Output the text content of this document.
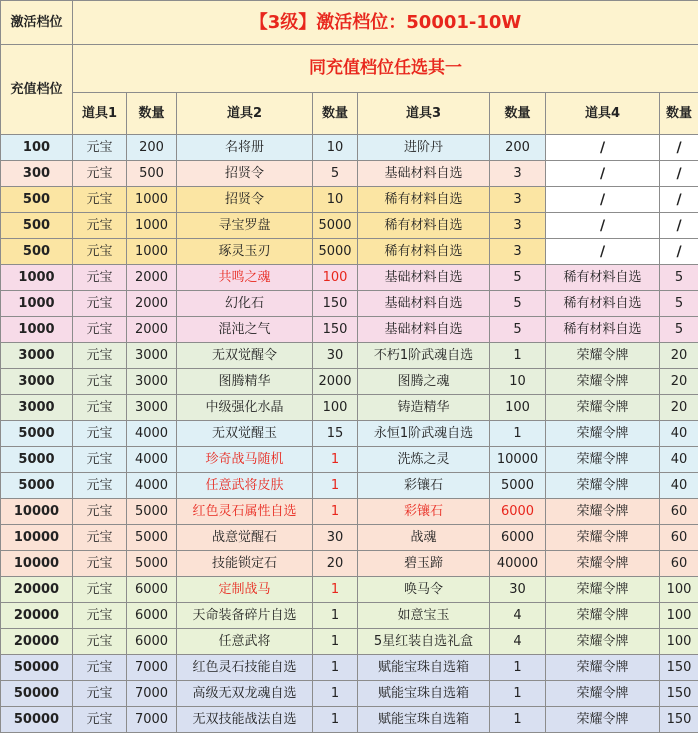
激活档位	【3级】激活档位：50001-10W							
充值档位	同充值档位任选其一							
	道具1	数量	道具2	数量	道具3	数量	道具4	数量
100	元宝	200	名将册	10	进阶丹	200	/	/
300	元宝	500	招贤令	5	基础材料自选	3	/	/
500	元宝	1000	招贤令	10	稀有材料自选	3	/	/
500	元宝	1000	寻宝罗盘	5000	稀有材料自选	3	/	/
500	元宝	1000	琢灵玉刃	5000	稀有材料自选	3	/	/
1000	元宝	2000	共鸣之魂	100	基础材料自选	5	稀有材料自选	5
1000	元宝	2000	幻化石	150	基础材料自选	5	稀有材料自选	5
1000	元宝	2000	混沌之气	150	基础材料自选	5	稀有材料自选	5
3000	元宝	3000	无双觉醒令	30	不朽1阶武魂自选	1	荣耀令牌	20
3000	元宝	3000	图腾精华	2000	图腾之魂	10	荣耀令牌	20
3000	元宝	3000	中级强化水晶	100	铸造精华	100	荣耀令牌	20
5000	元宝	4000	无双觉醒玉	15	永恒1阶武魂自选	1	荣耀令牌	40
5000	元宝	4000	珍奇战马随机	1	洗炼之灵	10000	荣耀令牌	40
5000	元宝	4000	任意武将皮肤	1	彩镶石	5000	荣耀令牌	40
10000	元宝	5000	红色灵石属性自选	1	彩镶石	6000	荣耀令牌	60
10000	元宝	5000	战意觉醒石	30	战魂	6000	荣耀令牌	60
10000	元宝	5000	技能锁定石	20	碧玉蹄	40000	荣耀令牌	60
20000	元宝	6000	定制战马	1	唤马令	30	荣耀令牌	100
20000	元宝	6000	天命装备碎片自选	1	如意宝玉	4	荣耀令牌	100
20000	元宝	6000	任意武将	1	5星红装自选礼盒	4	荣耀令牌	100
50000	元宝	7000	红色灵石技能自选	1	赋能宝珠自选箱	1	荣耀令牌	150
50000	元宝	7000	高级无双龙魂自选	1	赋能宝珠自选箱	1	荣耀令牌	150
50000	元宝	7000	无双技能战法自选	1	赋能宝珠自选箱	1	荣耀令牌	150
